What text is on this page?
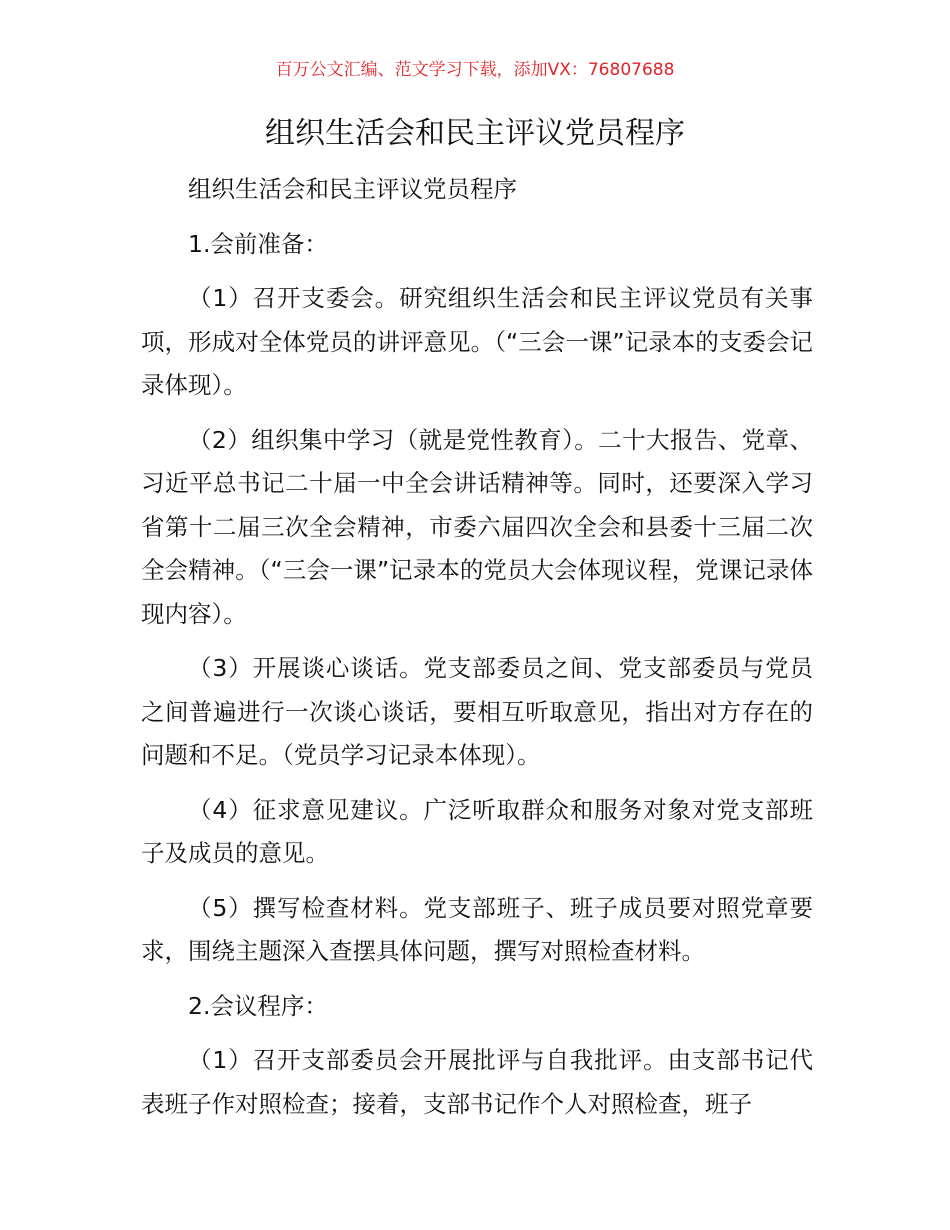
百万公文汇编、范文学习下载，添加VX：76807688
组织生活会和民主评议党员程序

组织生活会和民主评议党员程序

1.会前准备：

（1）召开支委会。研究组织生活会和民主评议党员有关事项，形成对全体党员的讲评意见。（“三会一课”记录本的支委会记录体现）。

（2）组织集中学习（就是党性教育）。二十大报告、党章、习近平总书记二十届一中全会讲话精神等。同时，还要深入学习省第十二届三次全会精神，市委六届四次全会和县委十三届二次全会精神。（“三会一课”记录本的党员大会体现议程，党课记录体现内容）。

（3）开展谈心谈话。党支部委员之间、党支部委员与党员之间普遍进行一次谈心谈话，要相互听取意见，指出对方存在的问题和不足。（党员学习记录本体现）。

（4）征求意见建议。广泛听取群众和服务对象对党支部班子及成员的意见。

（5）撰写检查材料。党支部班子、班子成员要对照党章要求，围绕主题深入查摆具体问题，撰写对照检查材料。

2.会议程序：

（1）召开支部委员会开展批评与自我批评。由支部书记代表班子作对照检查；接着，支部书记作个人对照检查，班子
